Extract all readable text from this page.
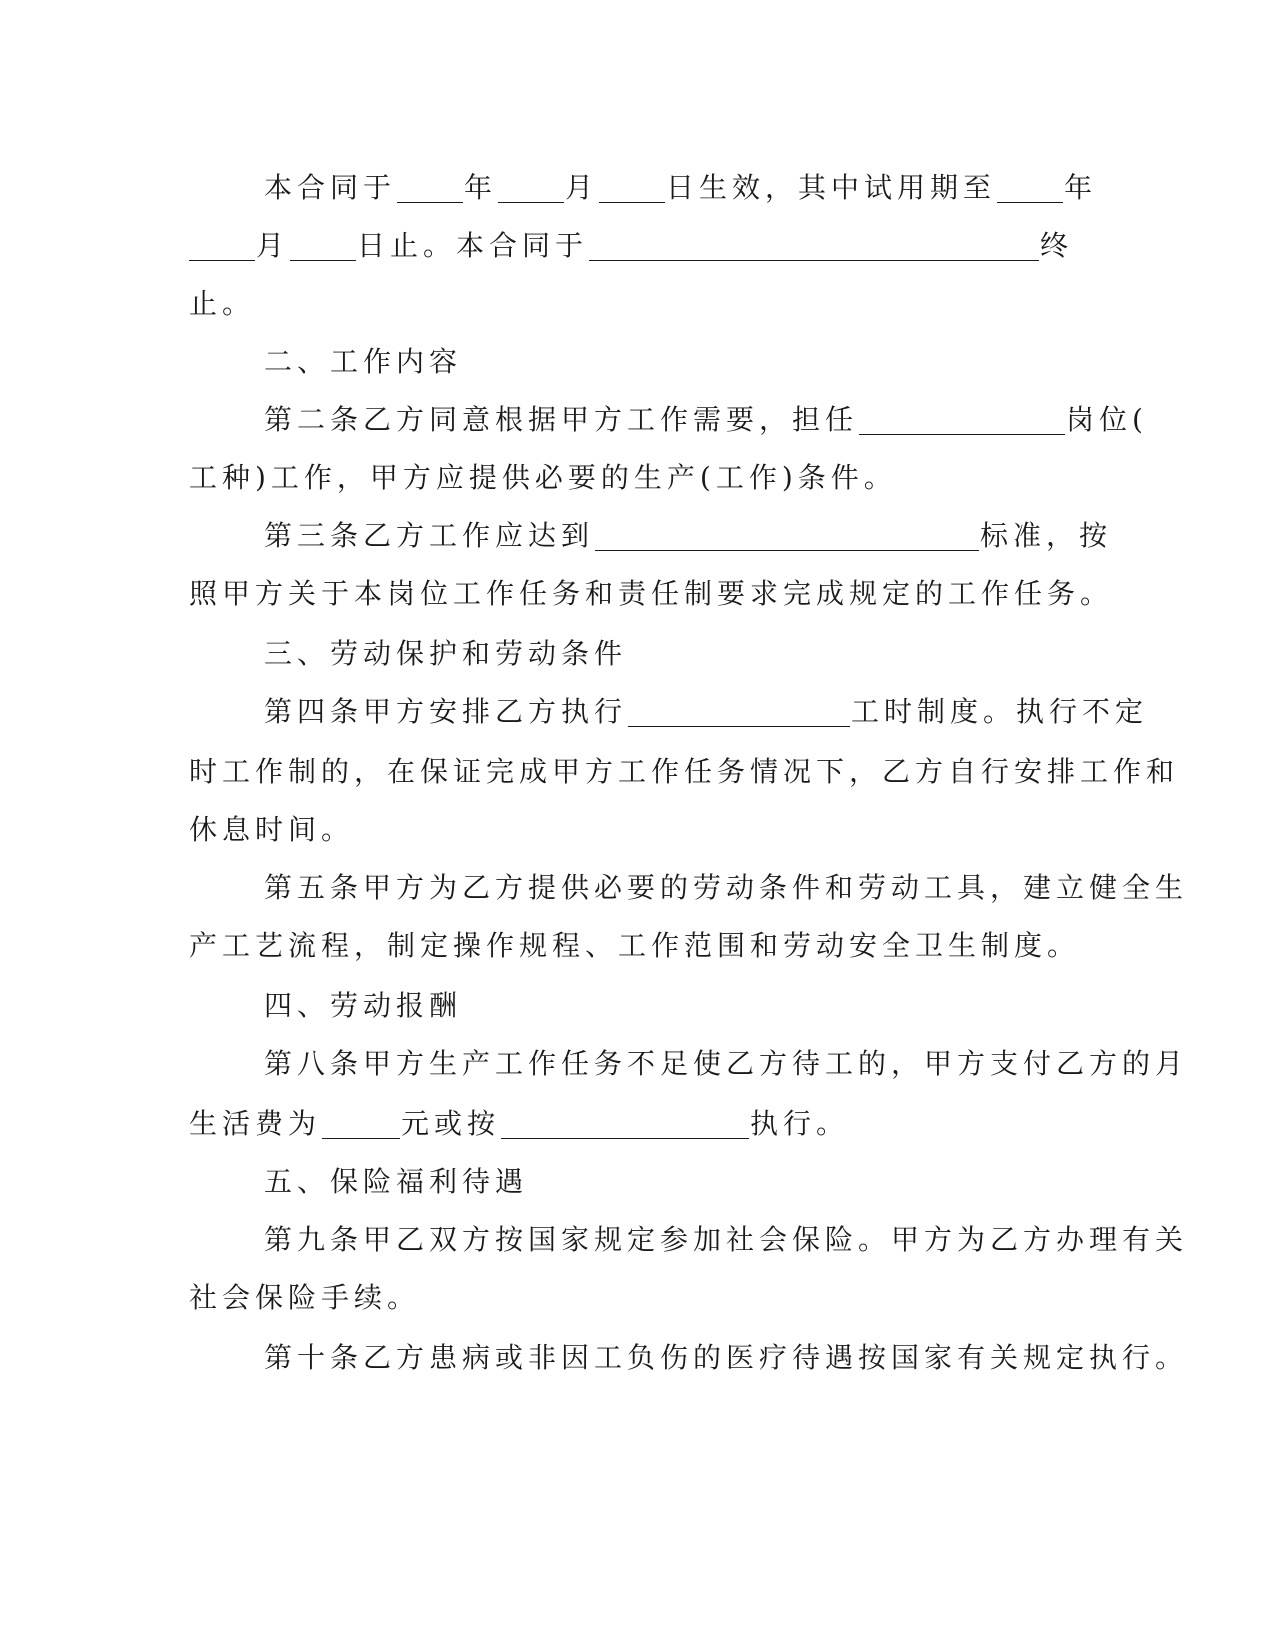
本合同于 年 月 日生效，其中试用期至 年
月 日止。本合同于	终
止。
二、工作内容
第二条乙方同意根据甲方工作需要，担任	岗位(
工种)工作，甲方应提供必要的生产(工作)条件。
第三条乙方工作应达到	标准，按
照甲方关于本岗位工作任务和责任制要求完成规定的工作任务。
三、劳动保护和劳动条件
第四条甲方安排乙方执行	工时制度。执行不定
时工作制的，在保证完成甲方工作任务情况下，乙方自行安排工作和
休息时间。
第五条甲方为乙方提供必要的劳动条件和劳动工具，建立健全生
产工艺流程，制定操作规程、工作范围和劳动安全卫生制度。
四、劳动报酬
第八条甲方生产工作任务不足使乙方待工的，甲方支付乙方的月
生活费为	元或按	执行。
五、保险福利待遇
第九条甲乙双方按国家规定参加社会保险。甲方为乙方办理有关
社会保险手续。
第十条乙方患病或非因工负伤的医疗待遇按国家有关规定执行。
